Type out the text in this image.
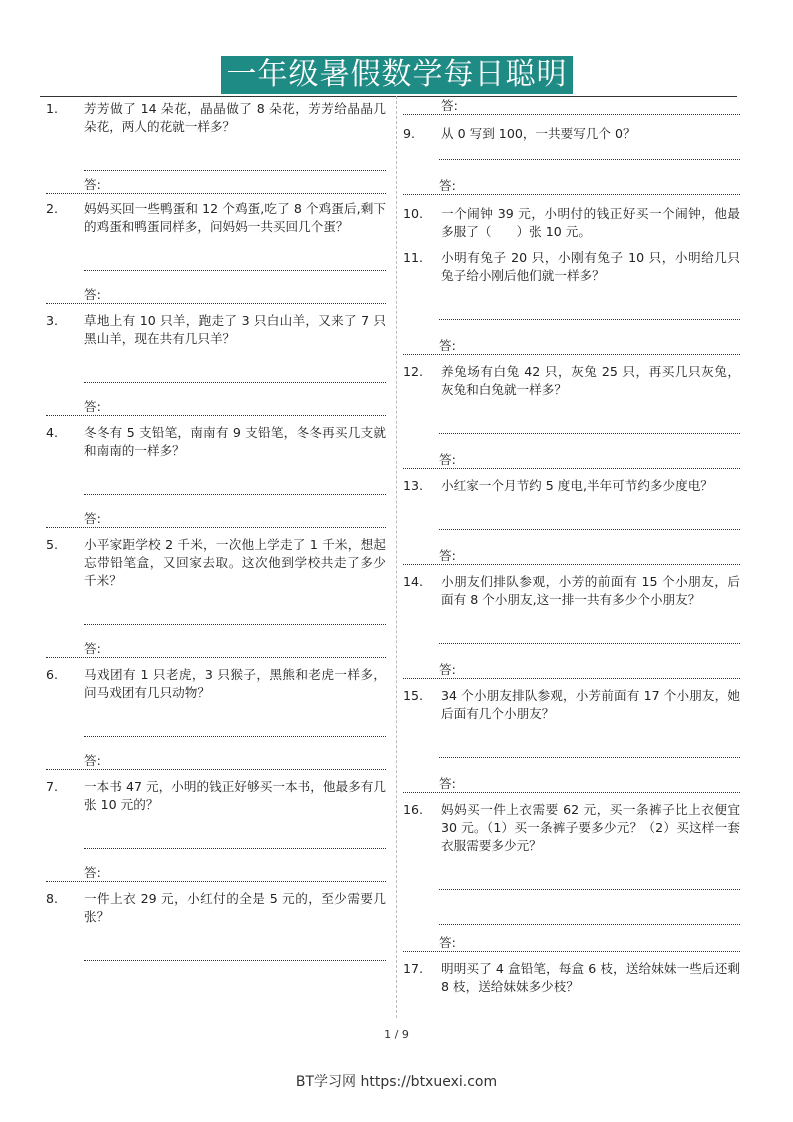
一年级暑假数学每日聪明题
1.	芳芳做了 14 朵花，晶晶做了 8 朵花，芳芳给晶晶几朵花，两人的花就一样多？
答:
2.	妈妈买回一些鸭蛋和 12 个鸡蛋,吃了 8 个鸡蛋后,剩下的鸡蛋和鸭蛋同样多，问妈妈一共买回几个蛋？
答:
3.	草地上有 10 只羊，跑走了 3 只白山羊，又来了 7 只黑山羊，现在共有几只羊？
答:
4.	冬冬有 5 支铅笔，南南有 9 支铅笔，冬冬再买几支就和南南的一样多？
答:
5.	小平家距学校 2 千米，一次他上学走了 1 千米，想起忘带铅笔盒，又回家去取。这次他到学校共走了多少千米？
答:
6.	马戏团有 1 只老虎，3 只猴子，黑熊和老虎一样多，问马戏团有几只动物？
答:
7.	一本书 47 元，小明的钱正好够买一本书，他最多有几张 10 元的？
答:
8.	一件上衣 29 元，小红付的全是 5 元的，至少需要几张？
答:
9.	从 0 写到 100，一共要写几个 0？
答:
10.	一个闹钟 39 元，小明付的钱正好买一个闹钟，他最多服了（　　）张 10 元。
11.	小明有兔子 20 只，小刚有兔子 10 只，小明给几只兔子给小刚后他们就一样多？
答:
12.	养兔场有白兔 42 只，灰兔 25 只，再买几只灰兔，灰兔和白兔就一样多？
答:
13.	小红家一个月节约 5 度电,半年可节约多少度电？
答:
14.	小朋友们排队参观，小芳的前面有 15 个小朋友，后面有 8 个小朋友,这一排一共有多少个小朋友？
答:
15.	34 个小朋友排队参观，小芳前面有 17 个小朋友，她后面有几个小朋友？
答:
16.	妈妈买一件上衣需要 62 元，买一条裤子比上衣便宜 30 元。（1）买一条裤子要多少元？（2）买这样一套衣服需要多少元？
答:
17.	明明买了 4 盒铅笔，每盒 6 枝，送给妹妹一些后还剩 8 枝，送给妹妹多少枝？
1 / 9
BT学习网 https://btxuexi.com
